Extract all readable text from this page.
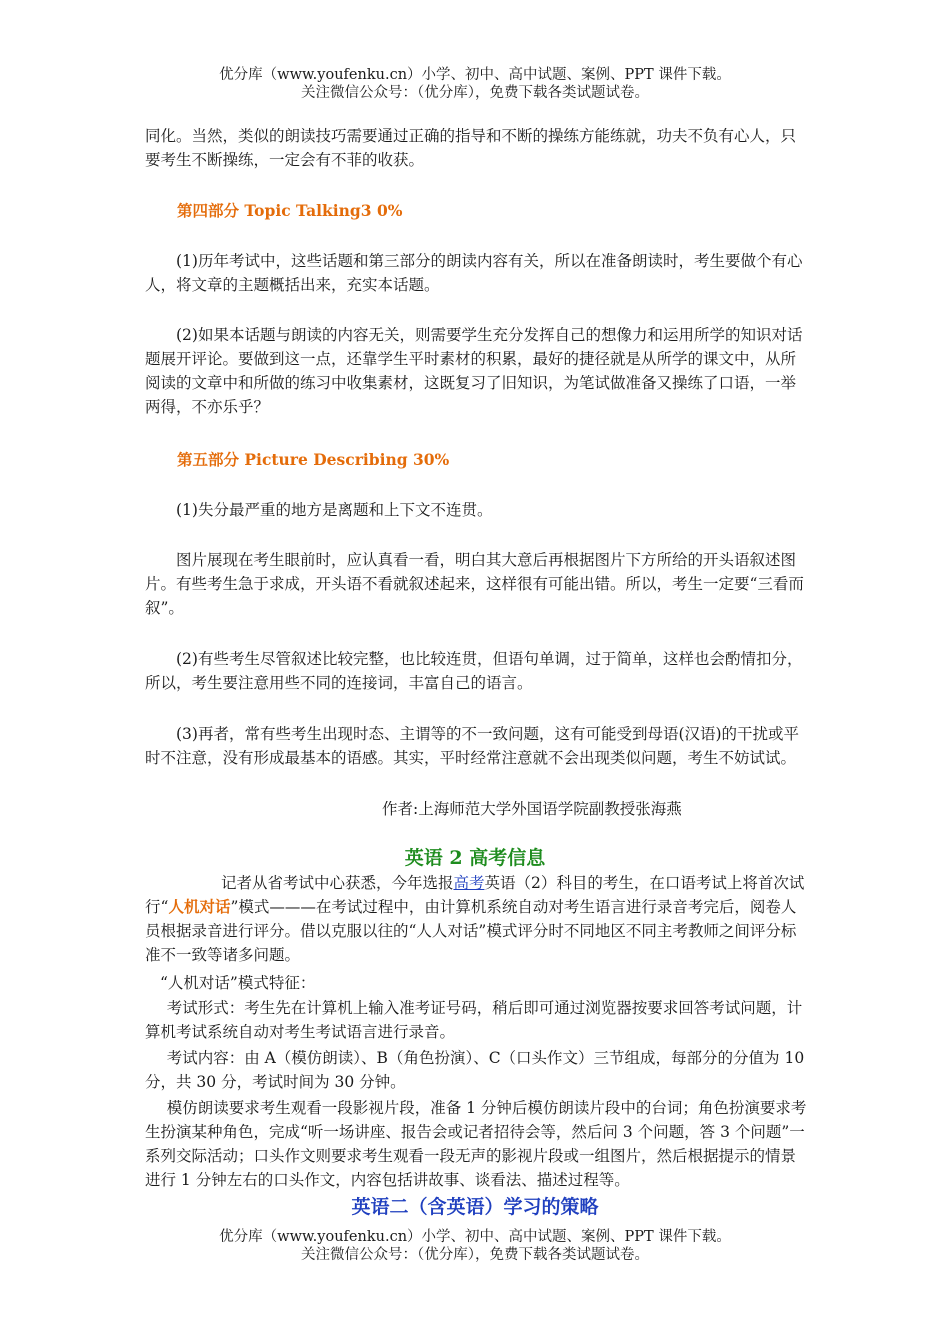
优分库（www.youfenku.cn）小学、初中、高中试题、案例、PPT 课件下载。
关注微信公众号：（优分库），免费下载各类试题试卷。
同化。当然，类似的朗读技巧需要通过正确的指导和不断的操练方能练就，功夫不负有心人，只要考生不断操练，一定会有不菲的收获。
第四部分 Topic Talking3 0%
(1)历年考试中，这些话题和第三部分的朗读内容有关，所以在准备朗读时，考生要做个有心人，将文章的主题概括出来，充实本话题。
(2)如果本话题与朗读的内容无关，则需要学生充分发挥自己的想像力和运用所学的知识对话题展开评论。要做到这一点，还靠学生平时素材的积累，最好的捷径就是从所学的课文中，从所阅读的文章中和所做的练习中收集素材，这既复习了旧知识，为笔试做准备又操练了口语，一举两得，不亦乐乎？
第五部分 Picture Describing 30%
(1)失分最严重的地方是离题和上下文不连贯。
图片展现在考生眼前时，应认真看一看，明白其大意后再根据图片下方所给的开头语叙述图片。有些考生急于求成，开头语不看就叙述起来，这样很有可能出错。所以，考生一定要“三看而叙”。
(2)有些考生尽管叙述比较完整，也比较连贯，但语句单调，过于简单，这样也会酌情扣分，所以，考生要注意用些不同的连接词，丰富自己的语言。
(3)再者，常有些考生出现时态、主谓等的不一致问题，这有可能受到母语(汉语)的干扰或平时不注意，没有形成最基本的语感。其实，平时经常注意就不会出现类似问题，考生不妨试试。
作者:上海师范大学外国语学院副教授张海燕
英语 2 高考信息
记者从省考试中心获悉，今年选报高考英语（2）科目的考生，在口语考试上将首次试行“人机对话”模式———在考试过程中，由计算机系统自动对考生语言进行录音考完后，阅卷人员根据录音进行评分。借以克服以往的“人人对话”模式评分时不同地区不同主考教师之间评分标准不一致等诸多问题。
“人机对话”模式特征：
考试形式：考生先在计算机上输入准考证号码，稍后即可通过浏览器按要求回答考试问题，计算机考试系统自动对考生考试语言进行录音。
考试内容：由 A（模仿朗读）、B（角色扮演）、C（口头作文）三节组成，每部分的分值为 10 分，共 30 分，考试时间为 30 分钟。
模仿朗读要求考生观看一段影视片段，准备 1 分钟后模仿朗读片段中的台词；角色扮演要求考生扮演某种角色，完成“听一场讲座、报告会或记者招待会等，然后问 3 个问题，答 3 个问题”一系列交际活动；口头作文则要求考生观看一段无声的影视片段或一组图片，然后根据提示的情景进行 1 分钟左右的口头作文，内容包括讲故事、谈看法、描述过程等。
英语二（含英语）学习的策略
优分库（www.youfenku.cn）小学、初中、高中试题、案例、PPT 课件下载。
关注微信公众号：（优分库），免费下载各类试题试卷。
